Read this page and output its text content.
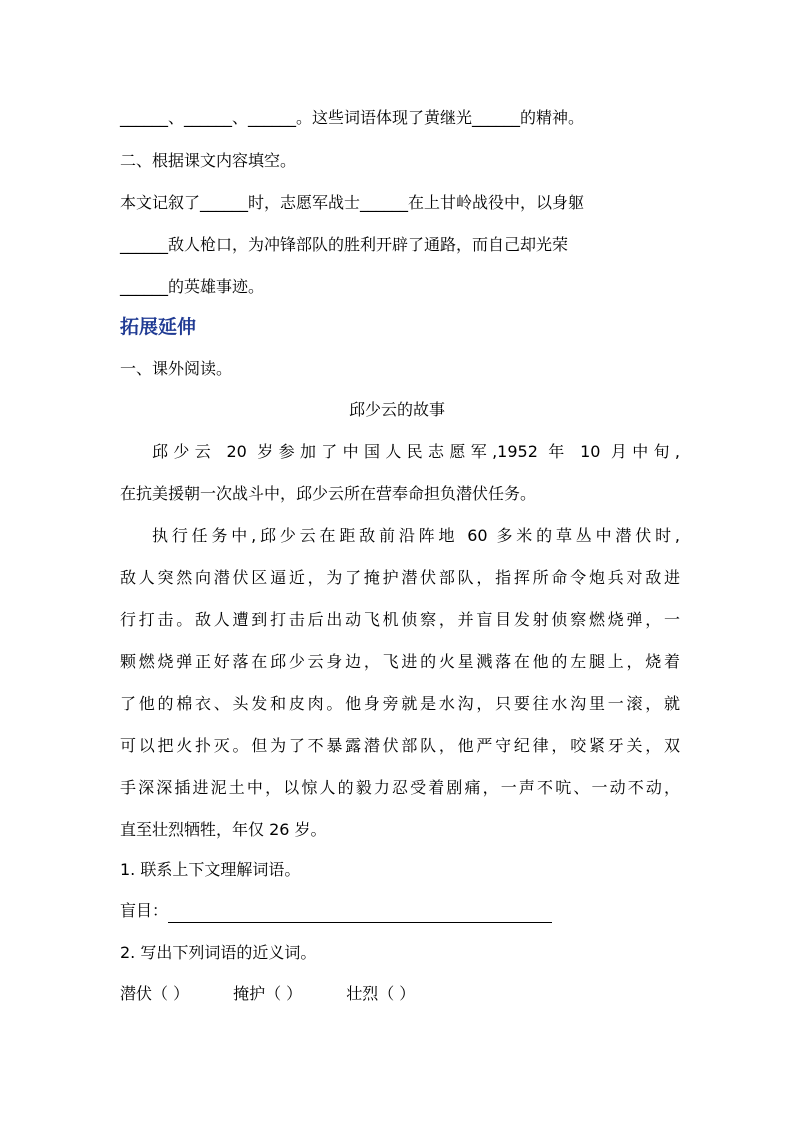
______、______、______。这些词语体现了黄继光______的精神。
二、根据课文内容填空。
本文记叙了______时，志愿军战士______在上甘岭战役中，以身躯
______敌人枪口，为冲锋部队的胜利开辟了通路，而自己却光荣
______的英雄事迹。
拓展延伸
一、课外阅读。
邱少云的故事
邱少云 20 岁参加了中国人民志愿军,1952 年 10 月中旬,
在抗美援朝一次战斗中，邱少云所在营奉命担负潜伏任务。
执行任务中,邱少云在距敌前沿阵地 60 多米的草丛中潜伏时,
敌人突然向潜伏区逼近，为了掩护潜伏部队，指挥所命令炮兵对敌进
行打击。敌人遭到打击后出动飞机侦察，并盲目发射侦察燃烧弹，一
颗燃烧弹正好落在邱少云身边，飞进的火星溅落在他的左腿上，烧着
了他的棉衣、头发和皮肉。他身旁就是水沟，只要往水沟里一滚，就
可以把火扑灭。但为了不暴露潜伏部队，他严守纪律，咬紧牙关，双
手深深插进泥土中，以惊人的毅力忍受着剧痛，一声不吭、一动不动，
直至壮烈牺牲，年仅 26 岁。
1. 联系上下文理解词语。
盲目：
2. 写出下列词语的近义词。
潜伏（ ）	掩护（ ）	壮烈（ ）
